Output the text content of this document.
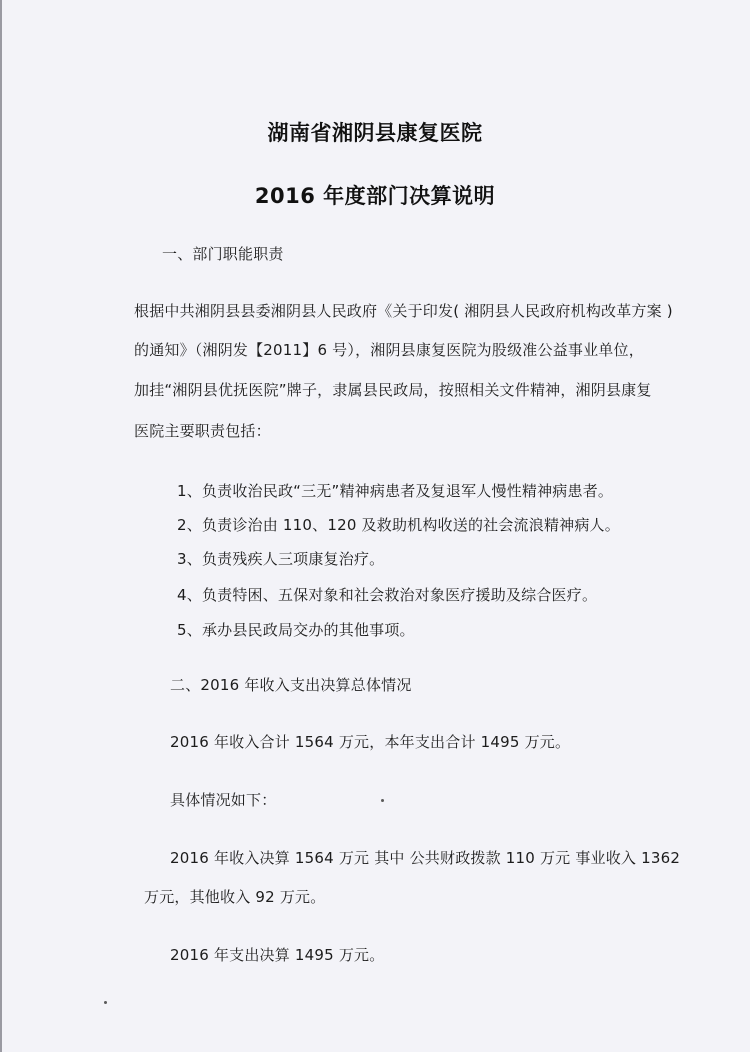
湖南省湘阴县康复医院
2016 年度部门决算说明
一、部门职能职责
根据中共湘阴县县委湘阴县人民政府《关于印发( 湘阴县人民政府机构改革方案 )
的通知》（湘阴发【2011】6 号），湘阴县康复医院为股级准公益事业单位，
加挂“湘阴县优抚医院”牌子，隶属县民政局，按照相关文件精神，湘阴县康复
医院主要职责包括：
1、负责收治民政“三无”精神病患者及复退军人慢性精神病患者。
2、负责诊治由 110、120 及救助机构收送的社会流浪精神病人。
3、负责残疾人三项康复治疗。
4、负责特困、五保对象和社会救治对象医疗援助及综合医疗。
5、承办县民政局交办的其他事项。
二、2016 年收入支出决算总体情况
2016 年收入合计 1564 万元，本年支出合计 1495 万元。
具体情况如下：
2016 年收入决算 1564 万元 其中 公共财政拨款 110 万元 事业收入 1362
万元，其他收入 92 万元。
2016 年支出决算 1495 万元。
